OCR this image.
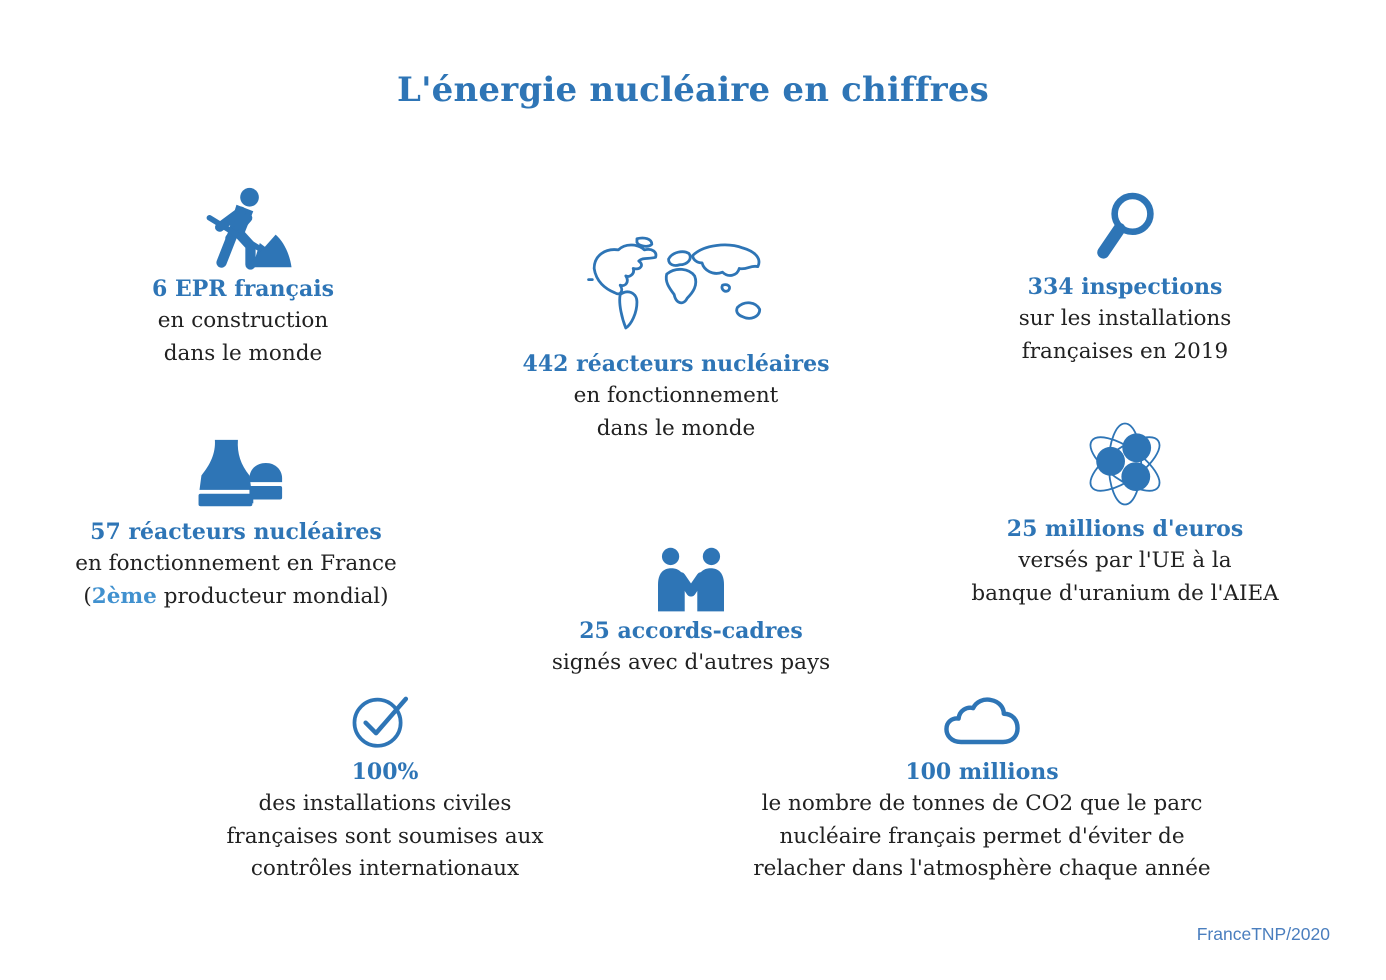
L'énergie nucléaire en chiffres
6 EPR français
en construction
dans le monde	442 réacteurs nucléaires
en fonctionnement
dans le monde
334 inspections
sur les installations
françaises en 2019
57 réacteurs nucléaires
en fonctionnement en France
(2ème producteur mondial)
25 accords-cadres
signés avec d'autres pays
25 millions d'euros
versés par l'UE à la
banque d'uranium de l'AIEA
100%
des installations civiles
françaises sont soumises aux
contrôles internationaux
100 millions
le nombre de tonnes de CO2 que le parc
nucléaire français permet d'éviter de
relacher dans l'atmosphère chaque année
FranceTNP/2020
